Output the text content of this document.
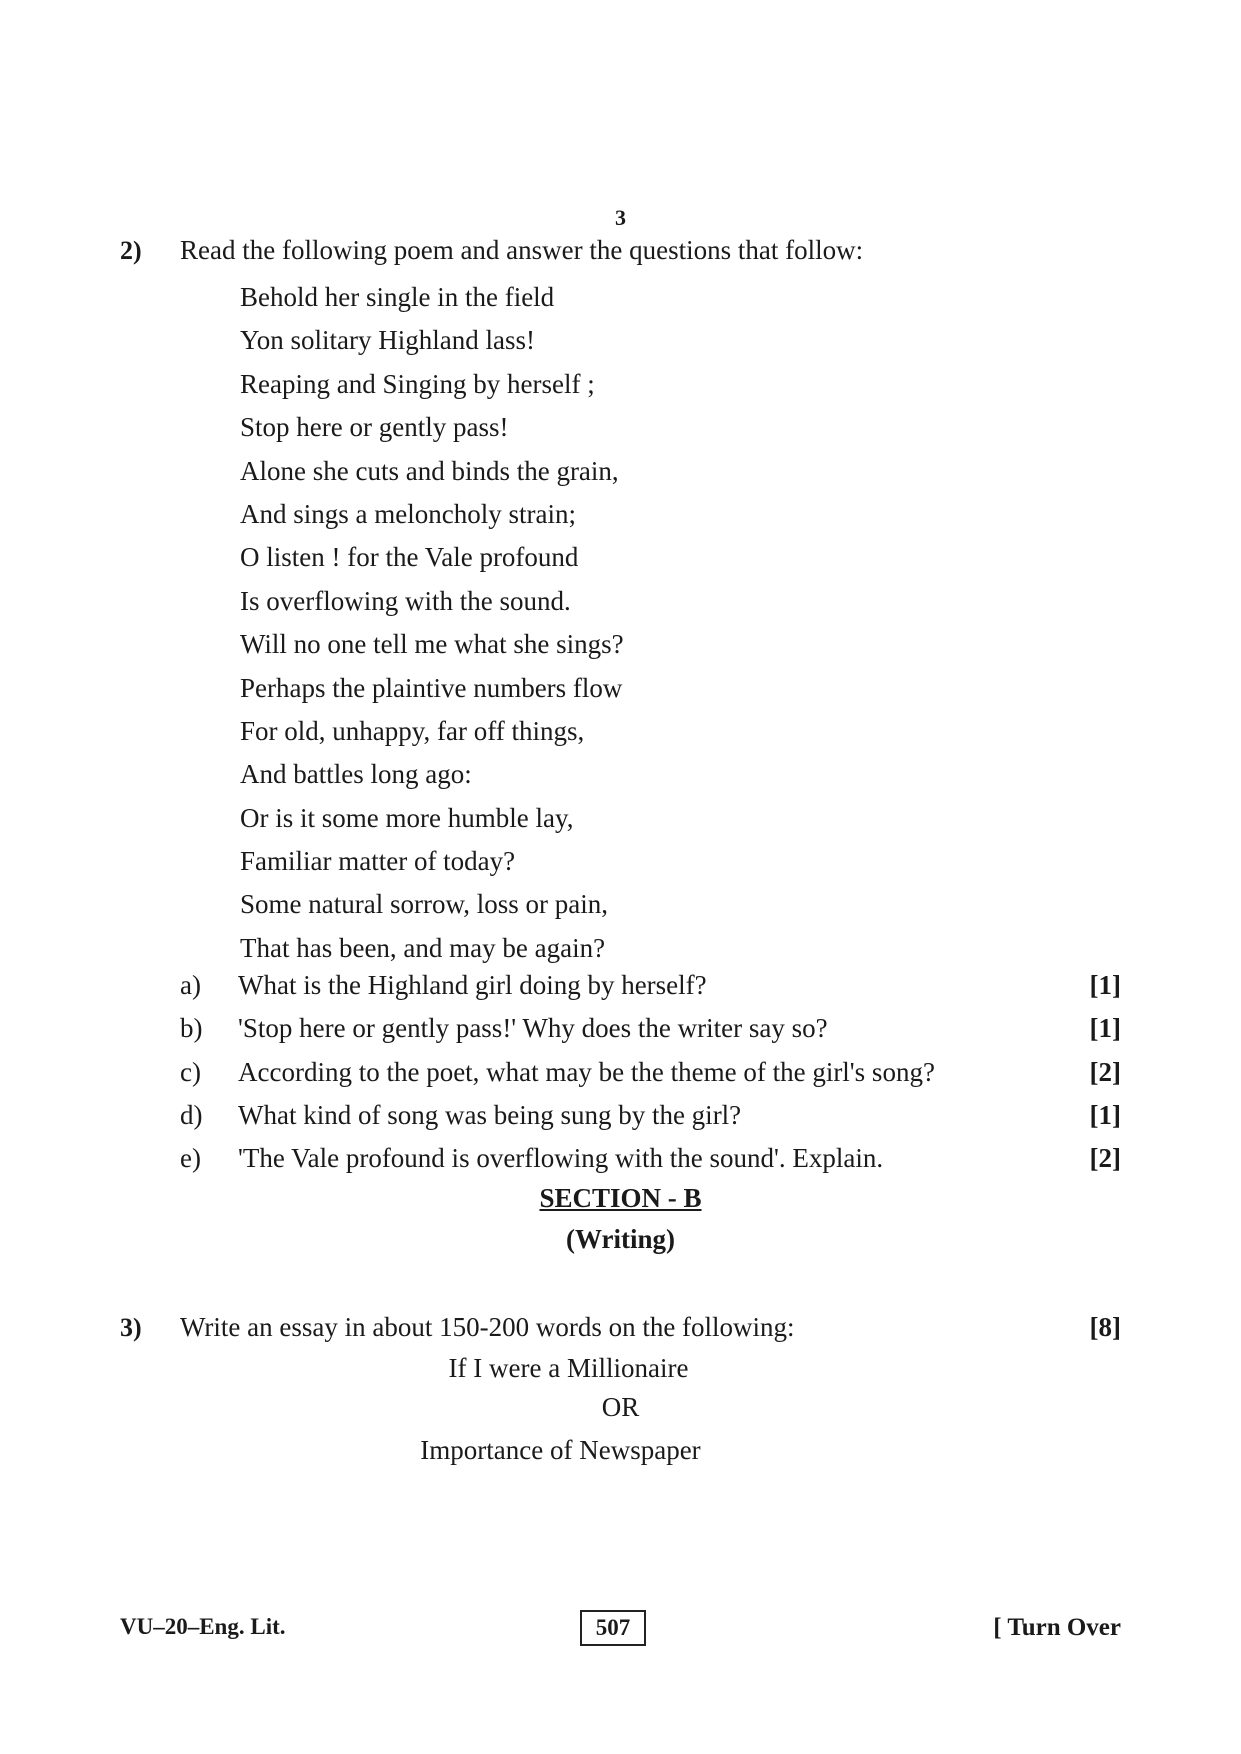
3
2) Read the following poem and answer the questions that follow:
Behold her single in the field
Yon solitary Highland lass!
Reaping and Singing by herself ;
Stop here or gently pass!
Alone she cuts and binds the grain,
And sings a meloncholy strain;
O listen ! for the Vale profound
Is overflowing with the sound.
Will no one tell me what she sings?
Perhaps the plaintive numbers flow
For old, unhappy, far off things,
And battles long ago:
Or is it some more humble lay,
Familiar matter of today?
Some natural sorrow, loss or pain,
That has been, and may be again?
a) What is the Highland girl doing by herself?	[1]
b) 'Stop here or gently pass!' Why does the writer say so?	[1]
c) According to the poet, what may be the theme of the girl's song?	[2]
d) What kind of song was being sung by the girl?	[1]
e) 'The Vale profound is overflowing with the sound'. Explain.	[2]
SECTION - B
(Writing)
3) Write an essay in about 150-200 words on the following:	[8]
If I were a Millionaire
OR
Importance of Newspaper
VU–20–Eng. Lit.	507	[ Turn Over
